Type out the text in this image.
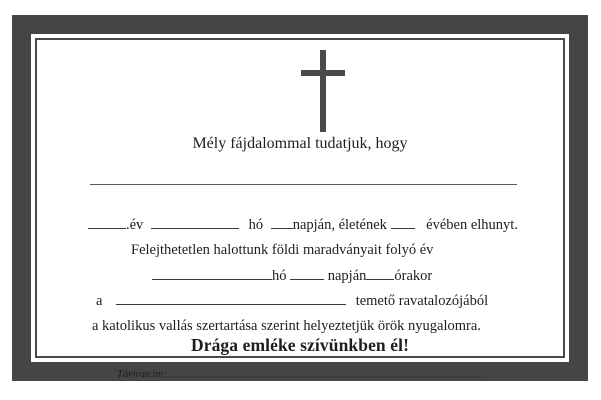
Mély fájdalommal tudatjuk, hogy
.év	hó napján, életének	évében elhunyt.
Felejthetetlen halottunk földi maradványait folyó év
hó	napján órakor
a	temető ravatalozójából
a katolikus vallás szertartása szerint helyeztetjük örök nyugalomra.
Drága emléke szívünkben él!
Táviratcím:
